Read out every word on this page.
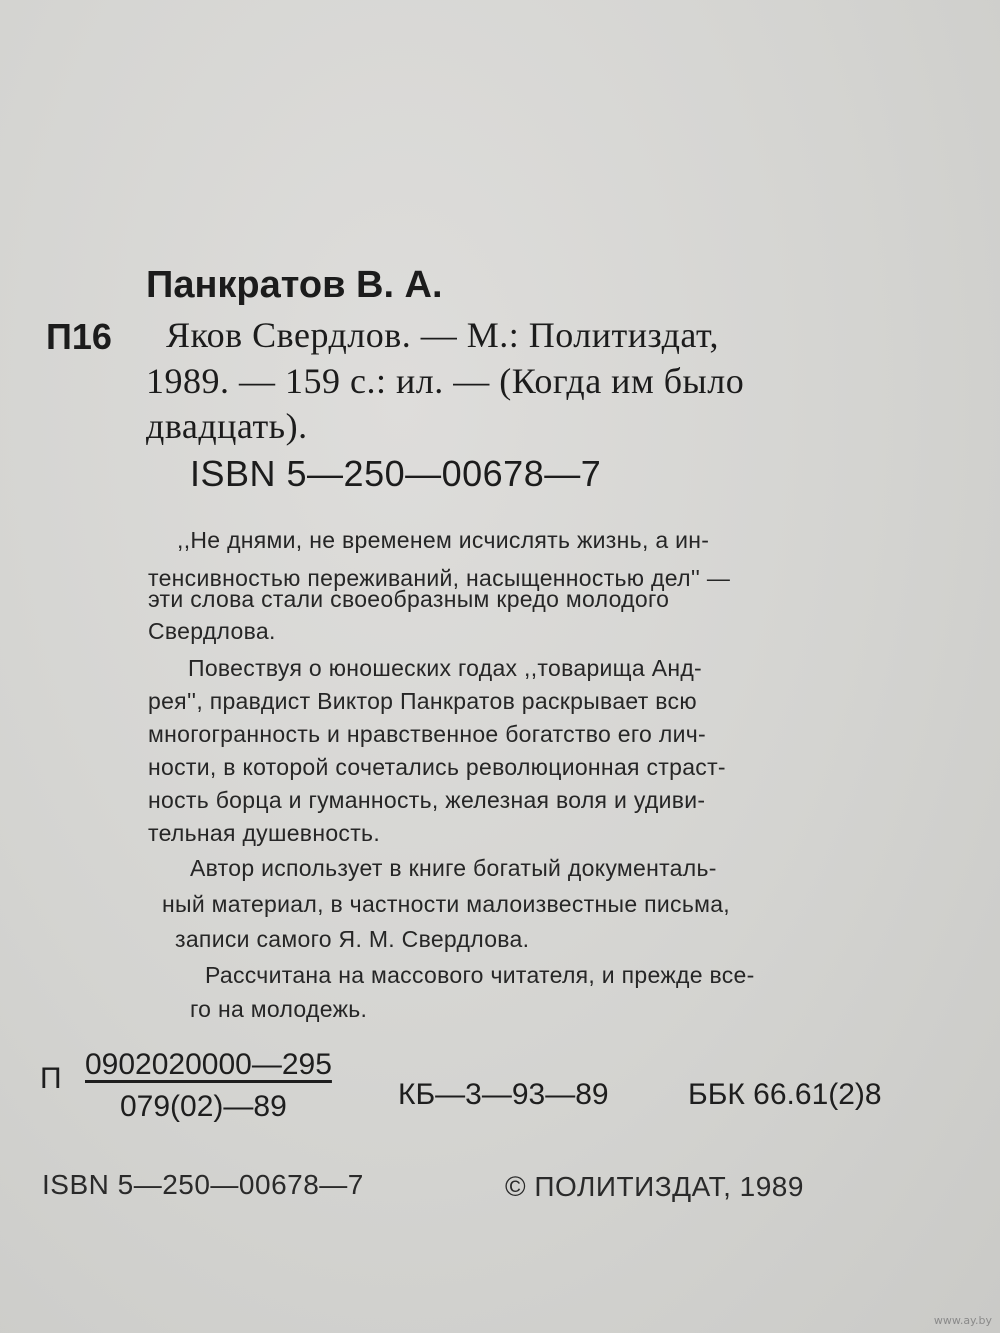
Панкратов В. А.

П16 Яков Свердлов. — М.: Политиздат,

1989. — 159 с.: ил. — (Когда им было

двадцать).

ISBN 5—250—00678—7

,,Не днями, не временем исчислять жизнь, а ин-

тенсивностью переживаний, насыщенностью дел'' —

эти слова стали своеобразным кредо молодого

Свердлова.

Повествуя о юношеских годах ,,товарища Анд-

рея'', правдист Виктор Панкратов раскрывает всю

многогранность и нравственное богатство его лич-

ности, в которой сочетались революционная страст-

ность борца и гуманность, железная воля и удиви-

тельная душевность.

Автор использует в книге богатый документаль-

ный материал, в частности малоизвестные письма,

записи самого Я. М. Свердлова.

Рассчитана на массового читателя, и прежде все-

го на молодежь.

П 0902020000—295

079(02)—89	КБ—3—93—89	ББК 66.61(2)8

ISBN 5—250—00678—7	© ПОЛИТИЗДАТ, 1989

www.ay.by
